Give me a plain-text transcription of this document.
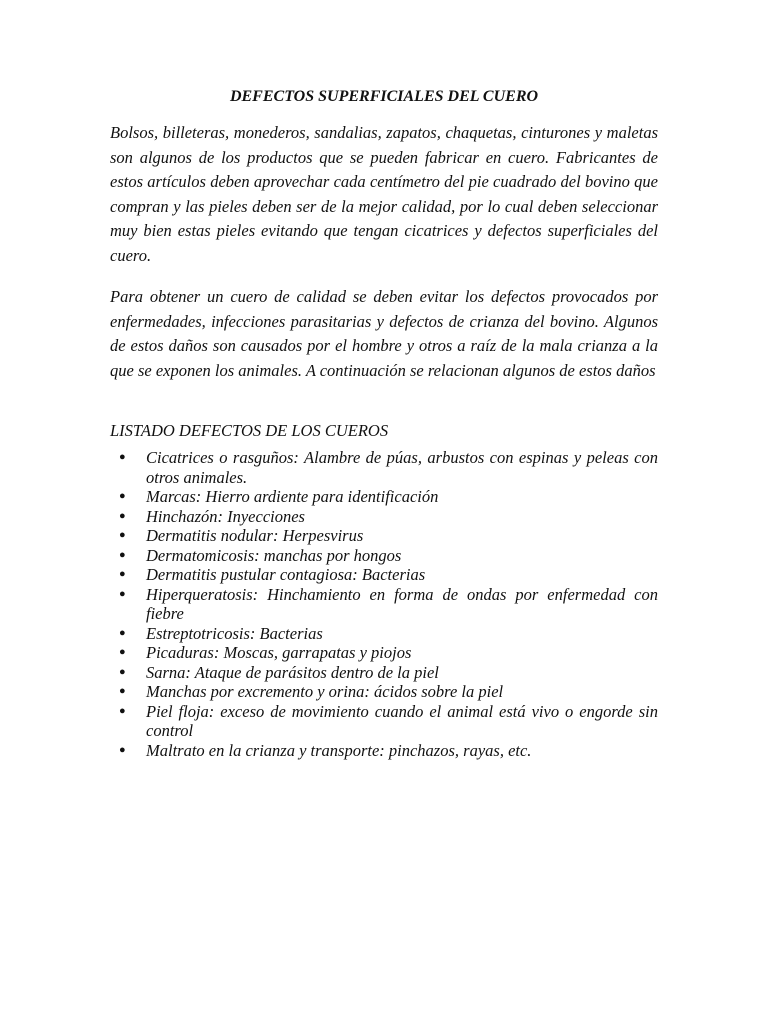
DEFECTOS SUPERFICIALES DEL CUERO

Bolsos, billeteras, monederos, sandalias, zapatos, chaquetas, cinturones y maletas son algunos de los productos que se pueden fabricar en cuero. Fabricantes de estos artículos deben aprovechar cada centímetro del pie cuadrado del bovino que compran y las pieles deben ser de la mejor calidad, por lo cual deben seleccionar muy bien estas pieles evitando que tengan cicatrices y defectos superficiales del cuero.

Para obtener un cuero de calidad se deben evitar los defectos provocados por enfermedades, infecciones parasitarias y defectos de crianza del bovino. Algunos de estos daños son causados por el hombre y otros a raíz de la mala crianza a la que se exponen los animales. A continuación se relacionan algunos de estos daños

LISTADO DEFECTOS DE LOS CUEROS
● Cicatrices o rasguños: Alambre de púas, arbustos con espinas y peleas con otros animales.
● Marcas: Hierro ardiente para identificación
● Hinchazón: Inyecciones
● Dermatitis nodular: Herpesvirus
● Dermatomicosis: manchas por hongos
● Dermatitis pustular contagiosa: Bacterias
● Hiperqueratosis: Hinchamiento en forma de ondas por enfermedad con fiebre
● Estreptotricosis: Bacterias
● Picaduras: Moscas, garrapatas y piojos
● Sarna: Ataque de parásitos dentro de la piel
● Manchas por excremento y orina: ácidos sobre la piel
● Piel floja: exceso de movimiento cuando el animal está vivo o engorde sin control
● Maltrato en la crianza y transporte: pinchazos, rayas, etc.
